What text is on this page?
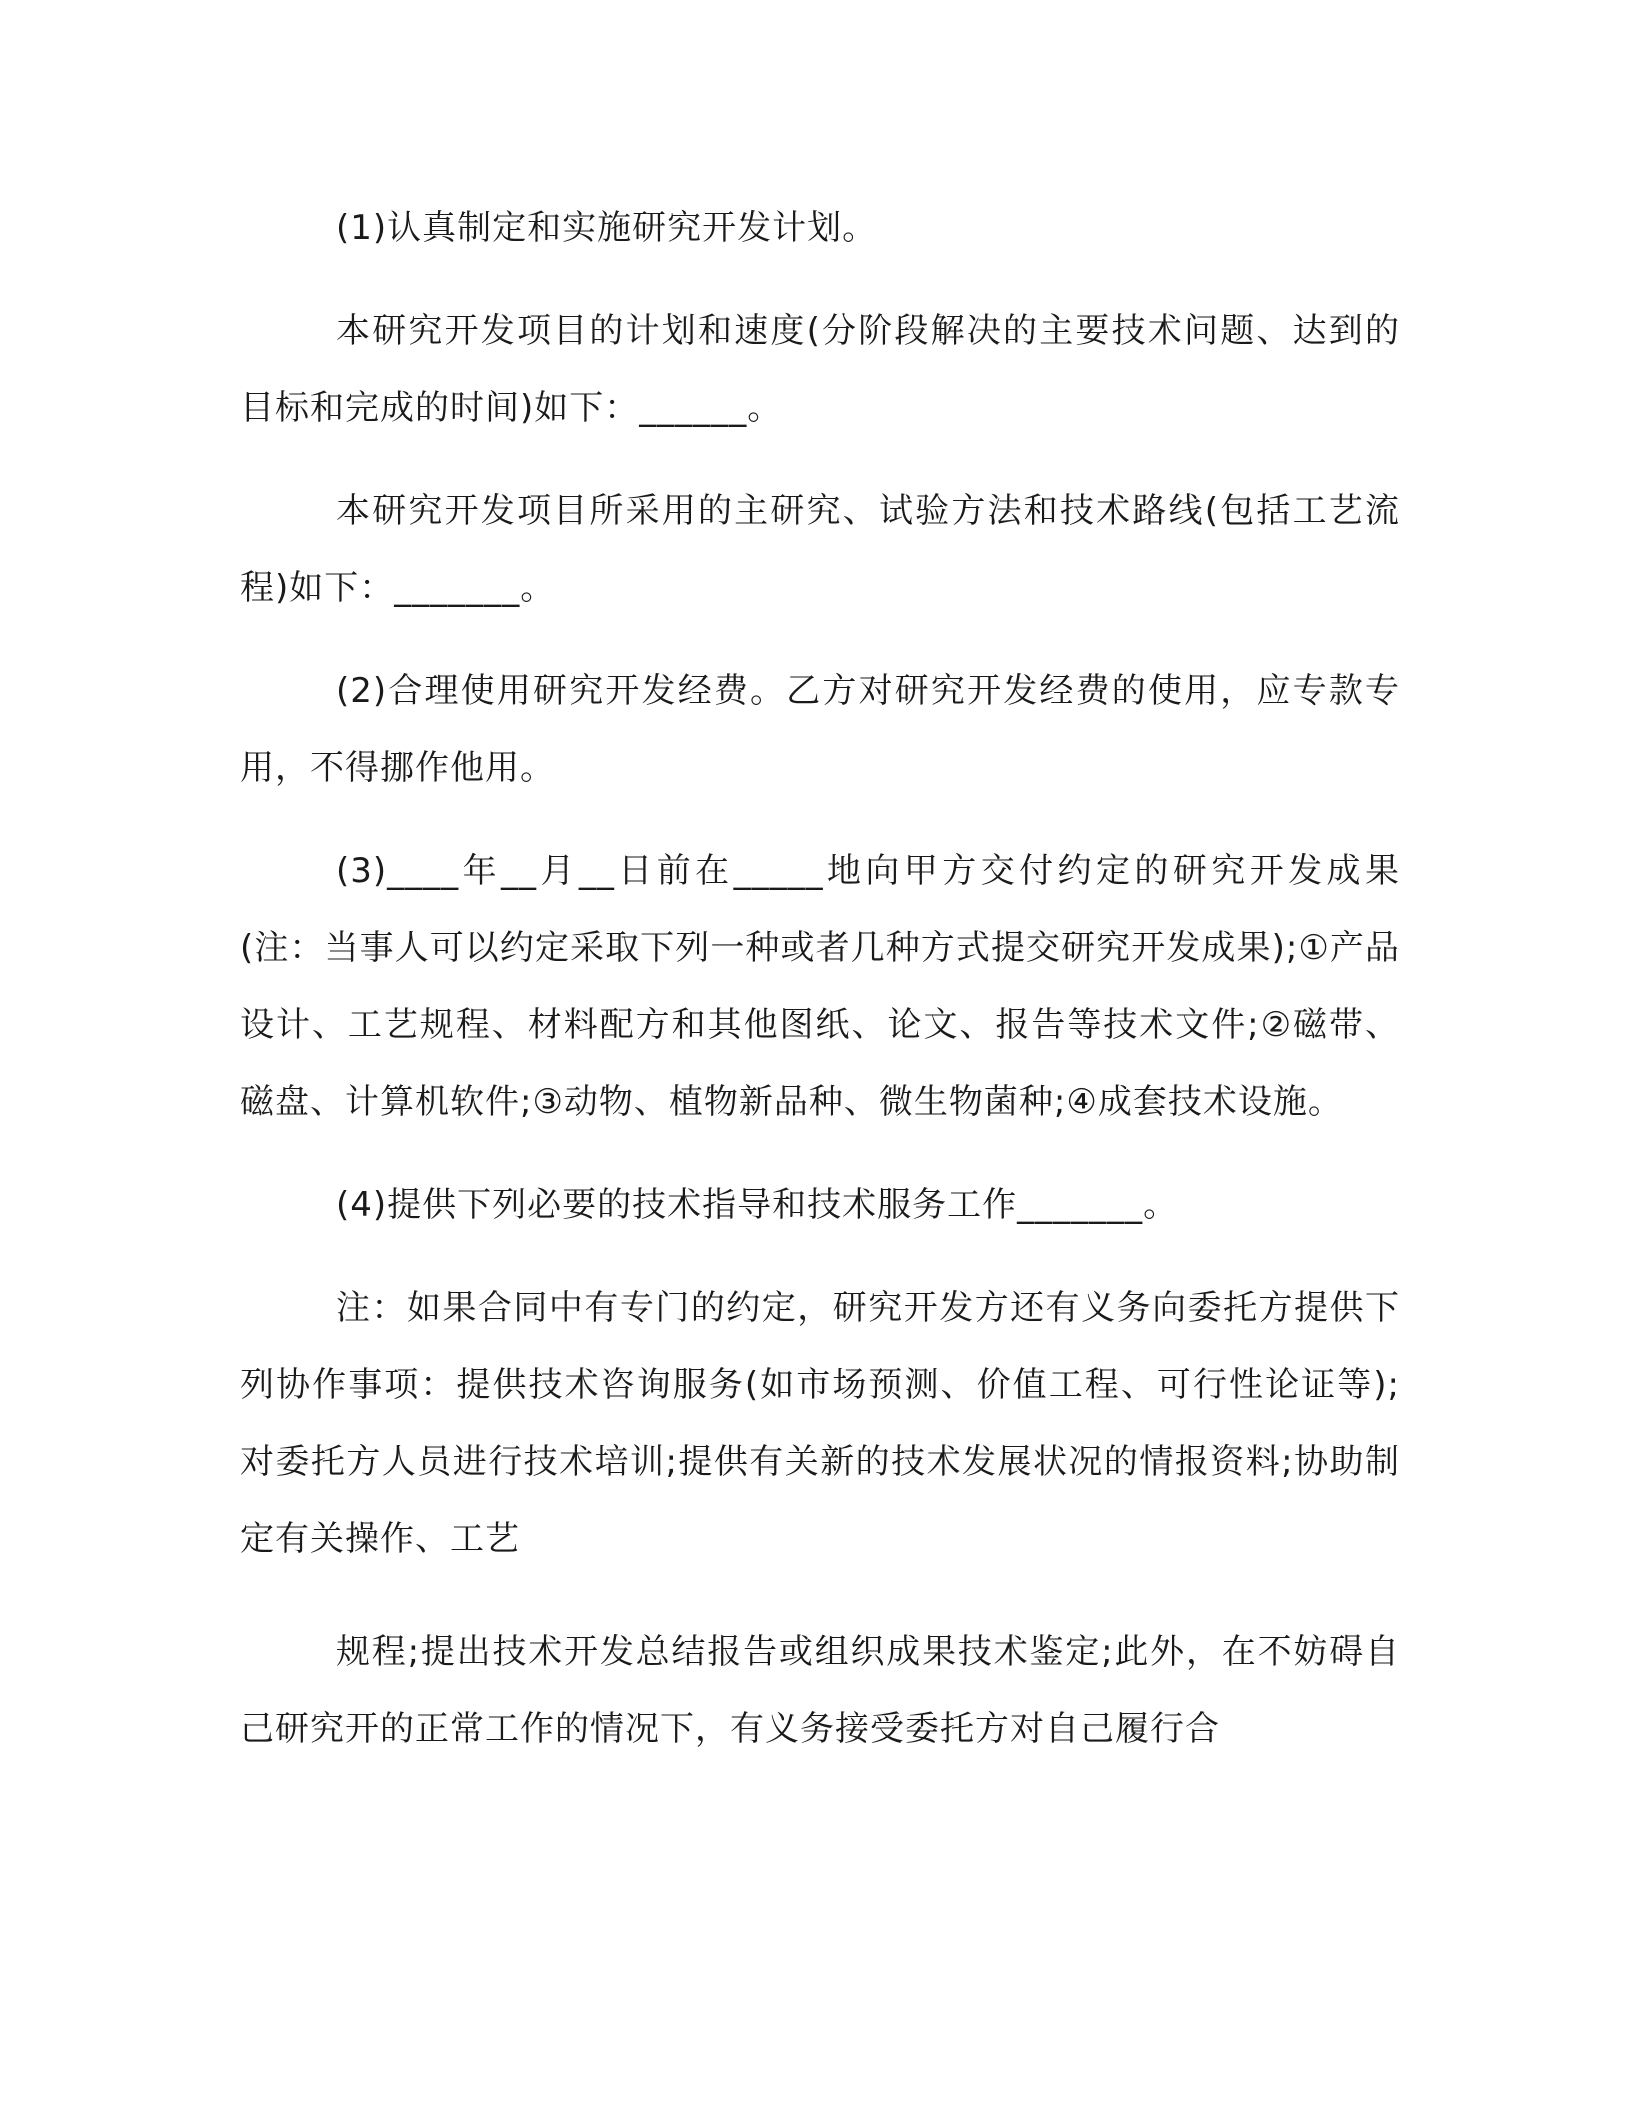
(1)认真制定和实施研究开发计划。

本研究开发项目的计划和速度(分阶段解决的主要技术问题、达到的目标和完成的时间)如下：______。

本研究开发项目所采用的主研究、试验方法和技术路线(包括工艺流程)如下：_______。

(2)合理使用研究开发经费。乙方对研究开发经费的使用，应专款专用，不得挪作他用。

(3)____年__月__日前在_____地向甲方交付约定的研究开发成果(注：当事人可以约定采取下列一种或者几种方式提交研究开发成果);①产品设计、工艺规程、材料配方和其他图纸、论文、报告等技术文件;②磁带、磁盘、计算机软件;③动物、植物新品种、微生物菌种;④成套技术设施。

(4)提供下列必要的技术指导和技术服务工作_______。

注：如果合同中有专门的约定，研究开发方还有义务向委托方提供下列协作事项：提供技术咨询服务(如市场预测、价值工程、可行性论证等);对委托方人员进行技术培训;提供有关新的技术发展状况的情报资料;协助制定有关操作、工艺

规程;提出技术开发总结报告或组织成果技术鉴定;此外，在不妨碍自己研究开的正常工作的情况下，有义务接受委托方对自己履行合
